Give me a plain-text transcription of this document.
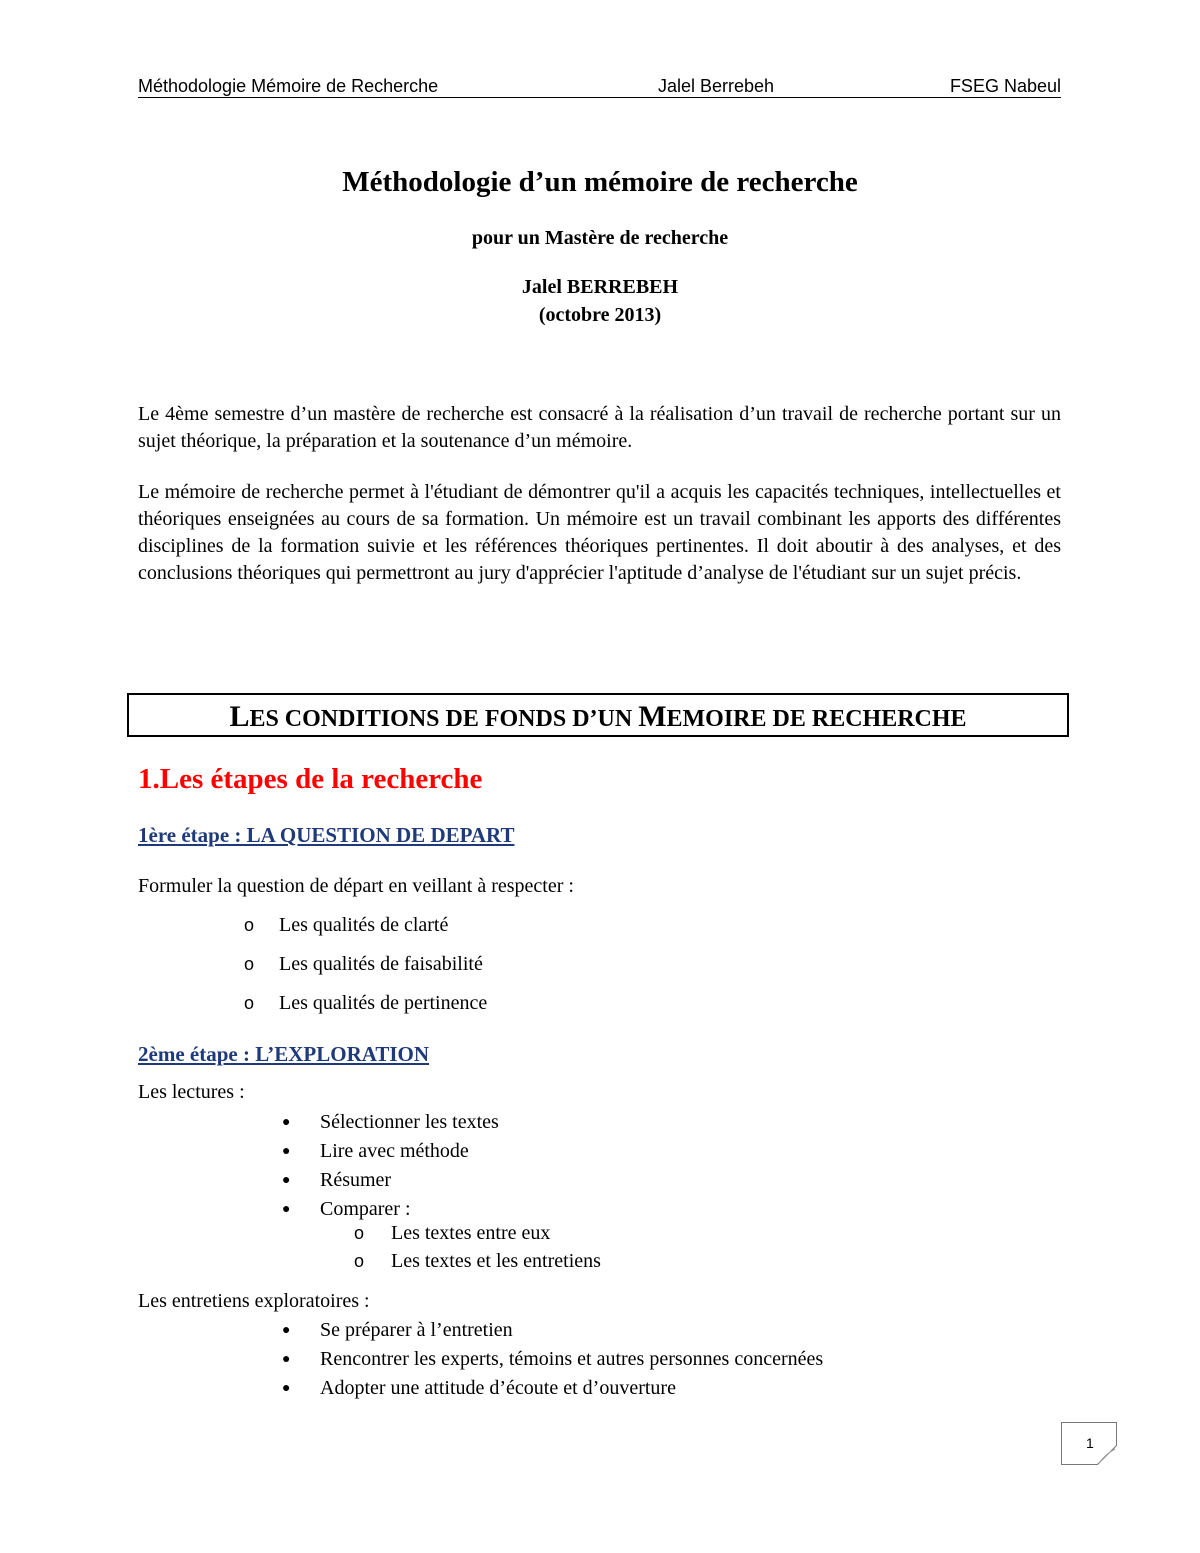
Méthodologie Mémoire de Recherche	Jalel Berrebeh	FSEG Nabeul
Méthodologie d’un mémoire de recherche
pour un Mastère de recherche
Jalel BERREBEH
(octobre 2013)
Le 4ème semestre d’un mastère de recherche est consacré à la réalisation d’un travail de recherche portant sur un sujet théorique, la préparation et la soutenance d’un mémoire.
Le mémoire de recherche permet à l'étudiant de démontrer qu'il a acquis les capacités techniques, intellectuelles et théoriques enseignées au cours de sa formation. Un mémoire est un travail combinant les apports des différentes disciplines de la formation suivie et les références théoriques pertinentes. Il doit aboutir à des analyses, et des conclusions théoriques qui permettront au jury d'apprécier l'aptitude d’analyse de l'étudiant sur un sujet précis.
LES CONDITIONS DE FONDS D’UN MEMOIRE DE RECHERCHE
1.Les étapes de la recherche
1ère étape : LA QUESTION DE DEPART
Formuler la question de départ en veillant à respecter :
o Les qualités de clarté
o Les qualités de faisabilité
o Les qualités de pertinence
2ème étape : L’EXPLORATION
Les lectures :
● Sélectionner les textes
● Lire avec méthode
● Résumer
● Comparer :
o Les textes entre eux
o Les textes et les entretiens
Les entretiens exploratoires :
● Se préparer à l’entretien
● Rencontrer les experts, témoins et autres personnes concernées
● Adopter une attitude d’écoute et d’ouverture
1
